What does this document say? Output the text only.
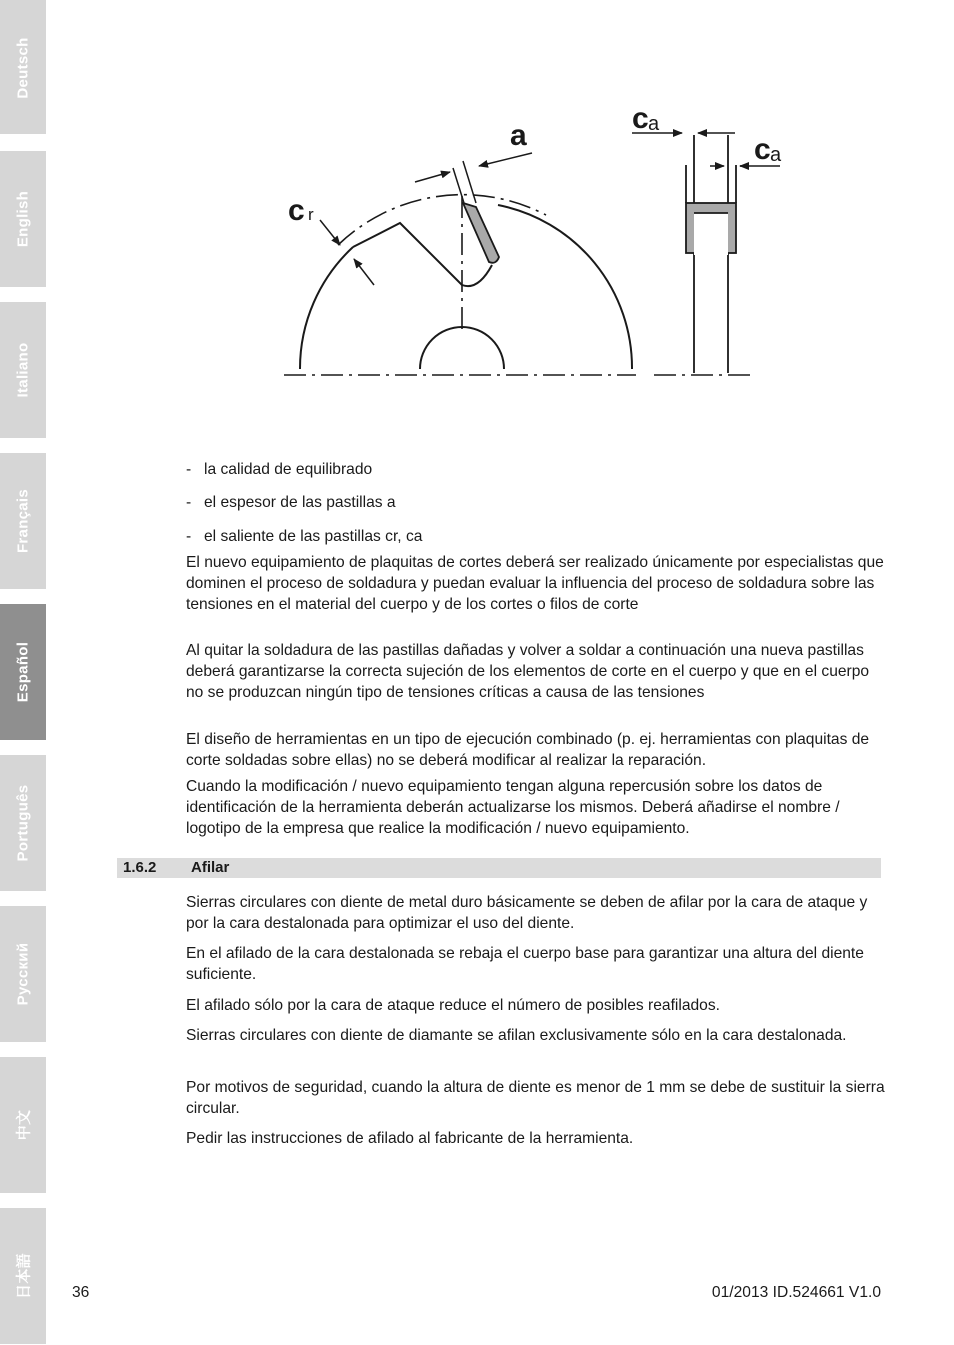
Deutsch
English
Italiano
Français
Español
Português
Русский
中文
日本語
a
c r
c a
c a
- la calidad de equilibrado
- el espesor de las pastillas a
- el saliente de las pastillas cr, ca
El nuevo equipamiento de plaquitas de cortes deberá ser realizado únicamente por especialistas que dominen el proceso de soldadura y puedan evaluar la influencia del proceso de soldadura sobre las tensiones en el material del cuerpo y de los cortes o filos de corte
Al quitar la soldadura de las pastillas dañadas y volver a soldar a continuación una nueva pastillas deberá garantizarse la correcta sujeción de los elementos de corte en el cuerpo y que en el cuerpo no se produzcan ningún tipo de tensiones críticas a causa de las tensiones
El diseño de herramientas en un tipo de ejecución combinado (p. ej. herramientas con plaquitas de corte soldadas sobre ellas) no se deberá modificar al realizar la reparación.
Cuando la modificación / nuevo equipamiento tengan alguna repercusión sobre los datos de identificación de la herramienta deberán actualizarse los mismos. Deberá añadirse el nombre / logotipo de la empresa que realice la modificación / nuevo equipamiento.
1.6.2 Afilar
Sierras circulares con diente de metal duro básicamente se deben de afilar por la cara de ataque y por la cara destalonada para optimizar el uso del diente.
En el afilado de la cara destalonada se rebaja el cuerpo base para garantizar una altura del diente suficiente.
El afilado sólo por la cara de ataque reduce el número de posibles reafilados.
Sierras circulares con diente de diamante se afilan exclusivamente sólo en la cara destalonada.
Por motivos de seguridad, cuando la altura de diente es menor de 1 mm se debe de sustituir la sierra circular.
Pedir las instrucciones de afilado al fabricante de la herramienta.
36	01/2013 ID.524661 V1.0
